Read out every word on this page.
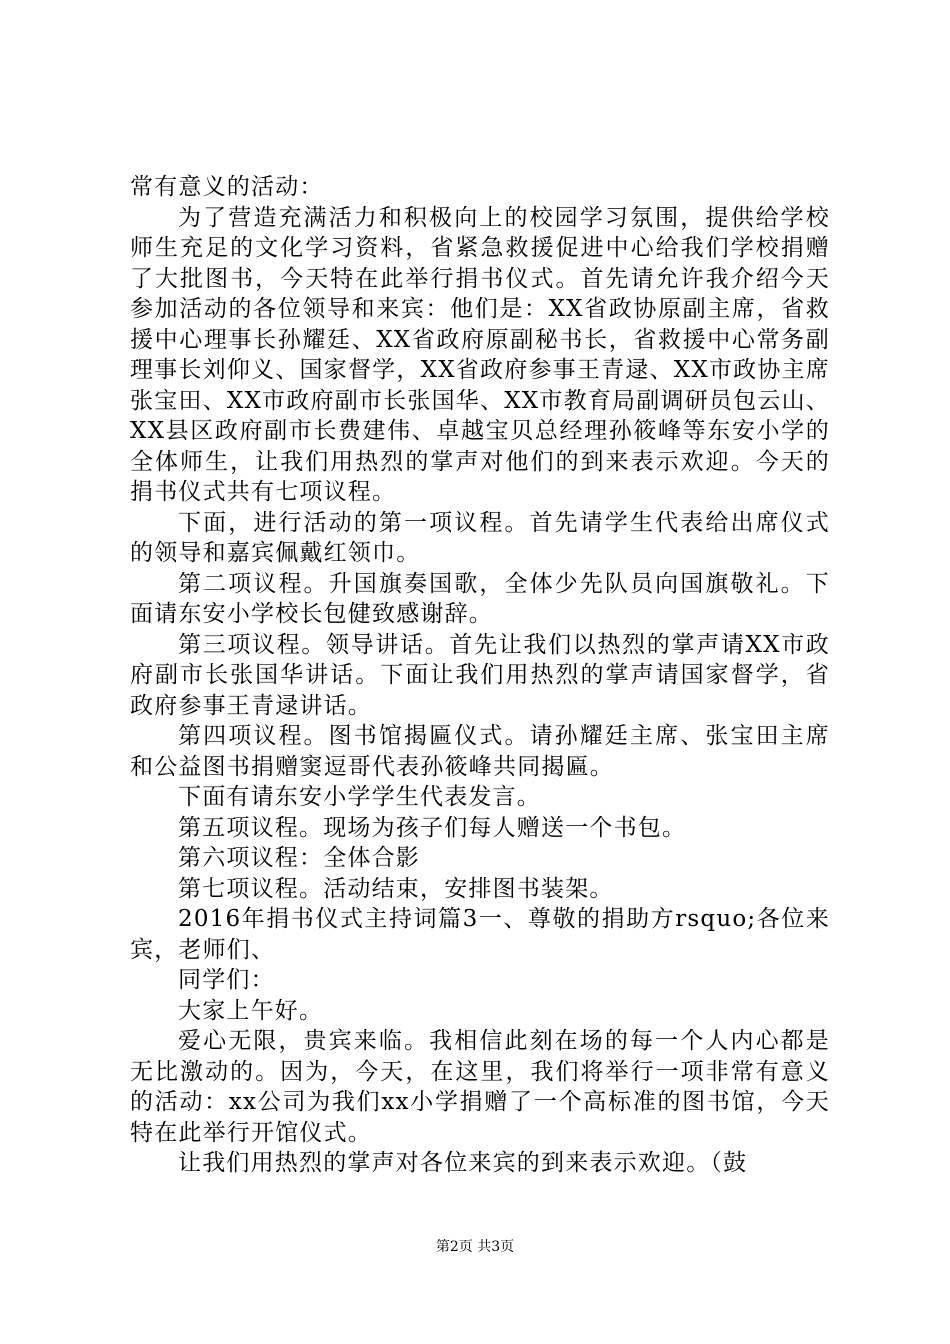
常有意义的活动：

为了营造充满活力和积极向上的校园学习氛围，提供给学校师生充足的文化学习资料，省紧急救援促进中心给我们学校捐赠了大批图书，今天特在此举行捐书仪式。首先请允许我介绍今天参加活动的各位领导和来宾：他们是：XX省政协原副主席，省救援中心理事长孙耀廷、XX省政府原副秘书长，省救援中心常务副理事长刘仰义、国家督学，XX省政府参事王青逯、XX市政协主席张宝田、XX市政府副市长张国华、XX市教育局副调研员包云山、XX县区政府副市长费建伟、卓越宝贝总经理孙筱峰等东安小学的全体师生，让我们用热烈的掌声对他们的到来表示欢迎。今天的捐书仪式共有七项议程。

下面，进行活动的第一项议程。首先请学生代表给出席仪式的领导和嘉宾佩戴红领巾。

第二项议程。升国旗奏国歌，全体少先队员向国旗敬礼。下面请东安小学校长包健致感谢辞。

第三项议程。领导讲话。首先让我们以热烈的掌声请XX市政府副市长张国华讲话。下面让我们用热烈的掌声请国家督学，省政府参事王青逯讲话。

第四项议程。图书馆揭匾仪式。请孙耀廷主席、张宝田主席和公益图书捐赠窦逗哥代表孙筱峰共同揭匾。

下面有请东安小学学生代表发言。

第五项议程。现场为孩子们每人赠送一个书包。

第六项议程：全体合影

第七项议程。活动结束，安排图书装架。

2016年捐书仪式主持词篇3一、尊敬的捐助方rsquo;各位来宾，老师们、

同学们：

大家上午好。

爱心无限，贵宾来临。我相信此刻在场的每一个人内心都是无比激动的。因为，今天，在这里，我们将举行一项非常有意义的活动：xx公司为我们xx小学捐赠了一个高标准的图书馆，今天特在此举行开馆仪式。

让我们用热烈的掌声对各位来宾的到来表示欢迎。（鼓

第2页 共3页
